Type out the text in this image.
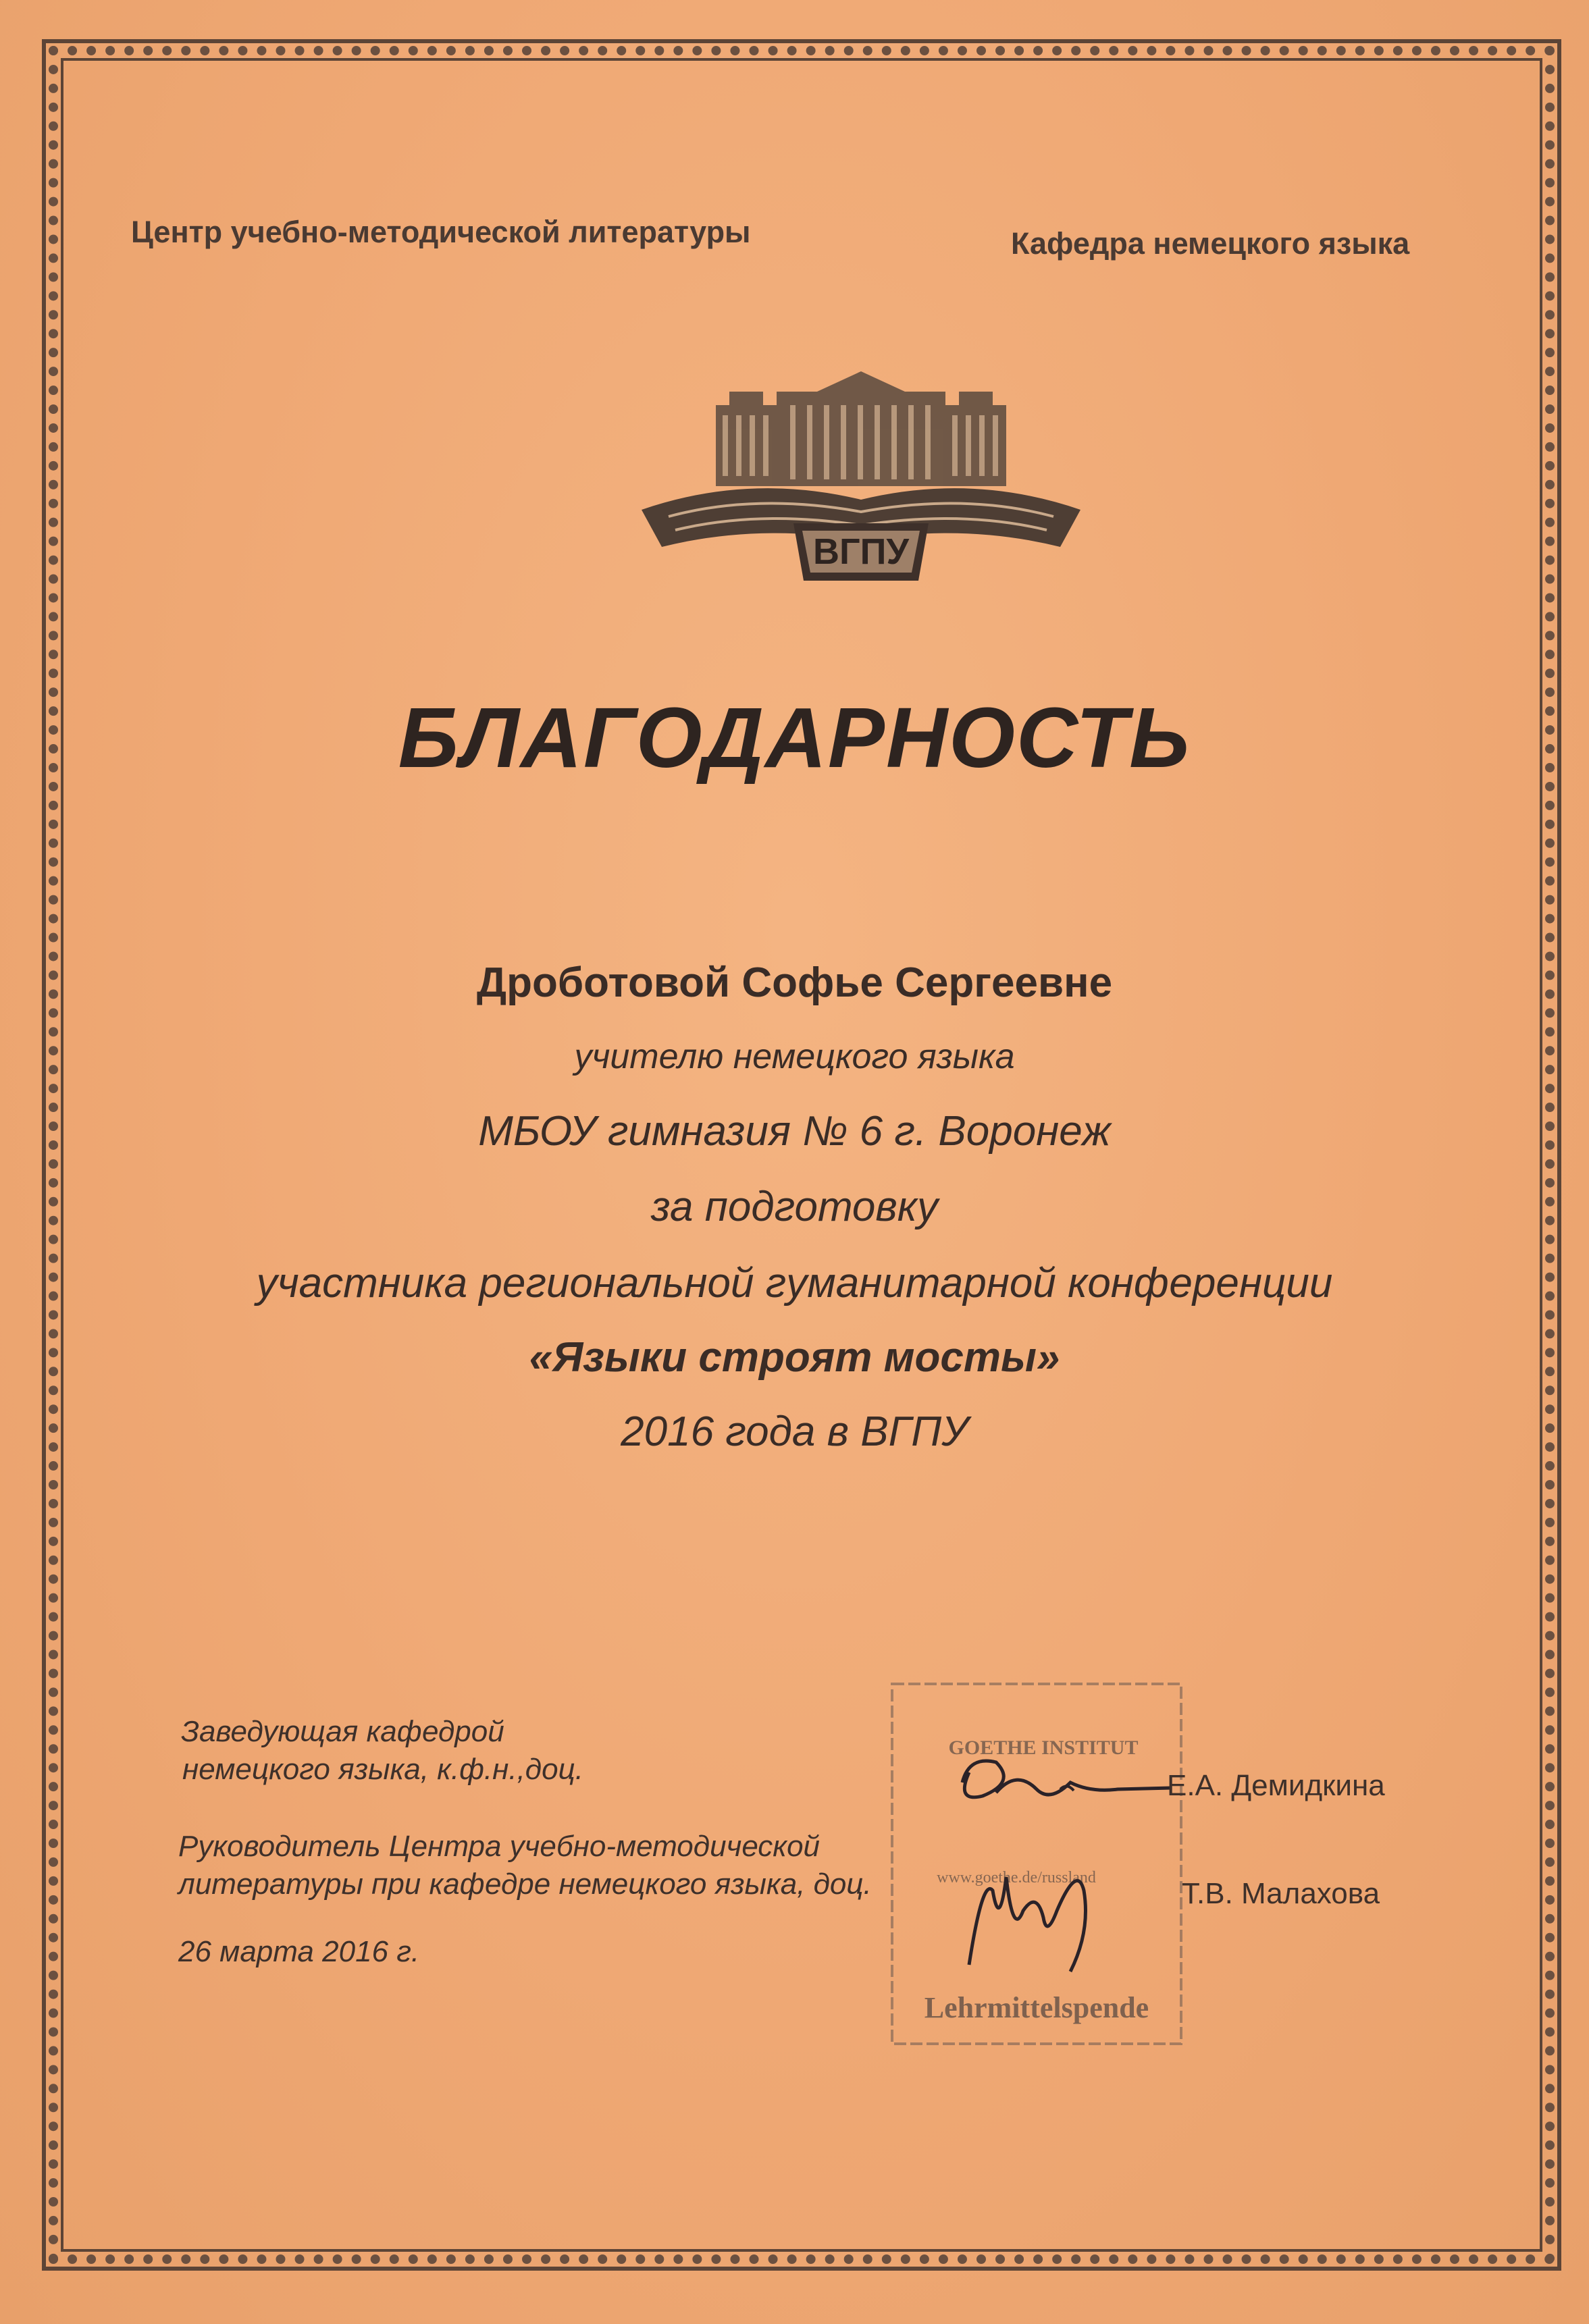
Центр учебно-методической литературы	Кафедра немецкого языка
ВГПУ
БЛАГОДАРНОСТЬ
Дроботовой Софье Сергеевне
учителю немецкого языка
МБОУ гимназия № 6 г. Воронеж
за подготовку
участника региональной гуманитарной конференции
«Языки строят мосты»
2016 года в ВГПУ
GOETHE INSTITUT
www.goethe.de/russland
Lehrmittelspende
Заведующая кафедрой
немецкого языка, к.ф.н.,доц.
Руководитель Центра учебно-методической
литературы при кафедре немецкого языка, доц.
26 марта 2016 г.
Е.А. Демидкина
Т.В. Малахова
